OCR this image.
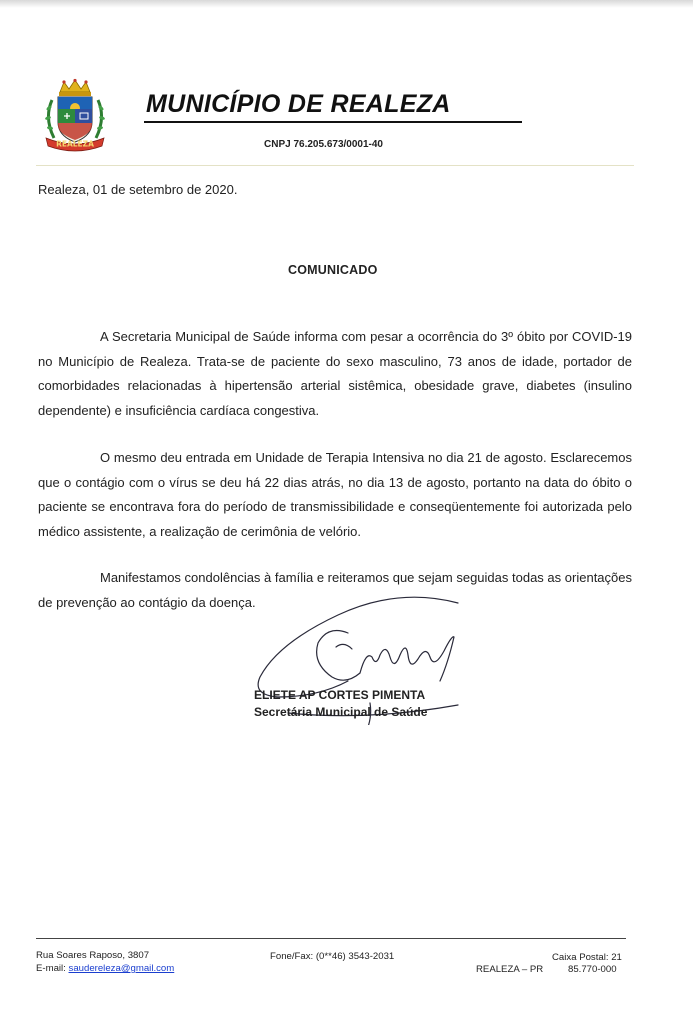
REALEZA
MUNICÍPIO DE REALEZA
CNPJ 76.205.673/0001-40
Realeza, 01 de setembro de 2020.
COMUNICADO

A Secretaria Municipal de Saúde informa com pesar a ocorrência do 3º óbito por COVID-19 no Município de Realeza. Trata-se de paciente do sexo masculino, 73 anos de idade, portador de comorbidades relacionadas à hipertensão arterial sistêmica, obesidade grave, diabetes (insulino dependente) e insuficiência cardíaca congestiva.

O mesmo deu entrada em Unidade de Terapia Intensiva no dia 21 de agosto. Esclarecemos que o contágio com o vírus se deu há 22 dias atrás, no dia 13 de agosto, portanto na data do óbito o paciente se encontrava fora do período de transmissibilidade e conseqüentemente foi autorizada pelo médico assistente, a realização de cerimônia de velório.

Manifestamos condolências à família e reiteramos que sejam seguidas todas as orientações de prevenção ao contágio da doença.

ELIETE AP CORTES PIMENTA
Secretária Municipal de Saúde
Rua Soares Raposo, 3807
E-mail: saudereleza@gmail.com
Fone/Fax: (0**46) 3543-2031	Caixa Postal: 21
REALEZA – PR	85.770-000
